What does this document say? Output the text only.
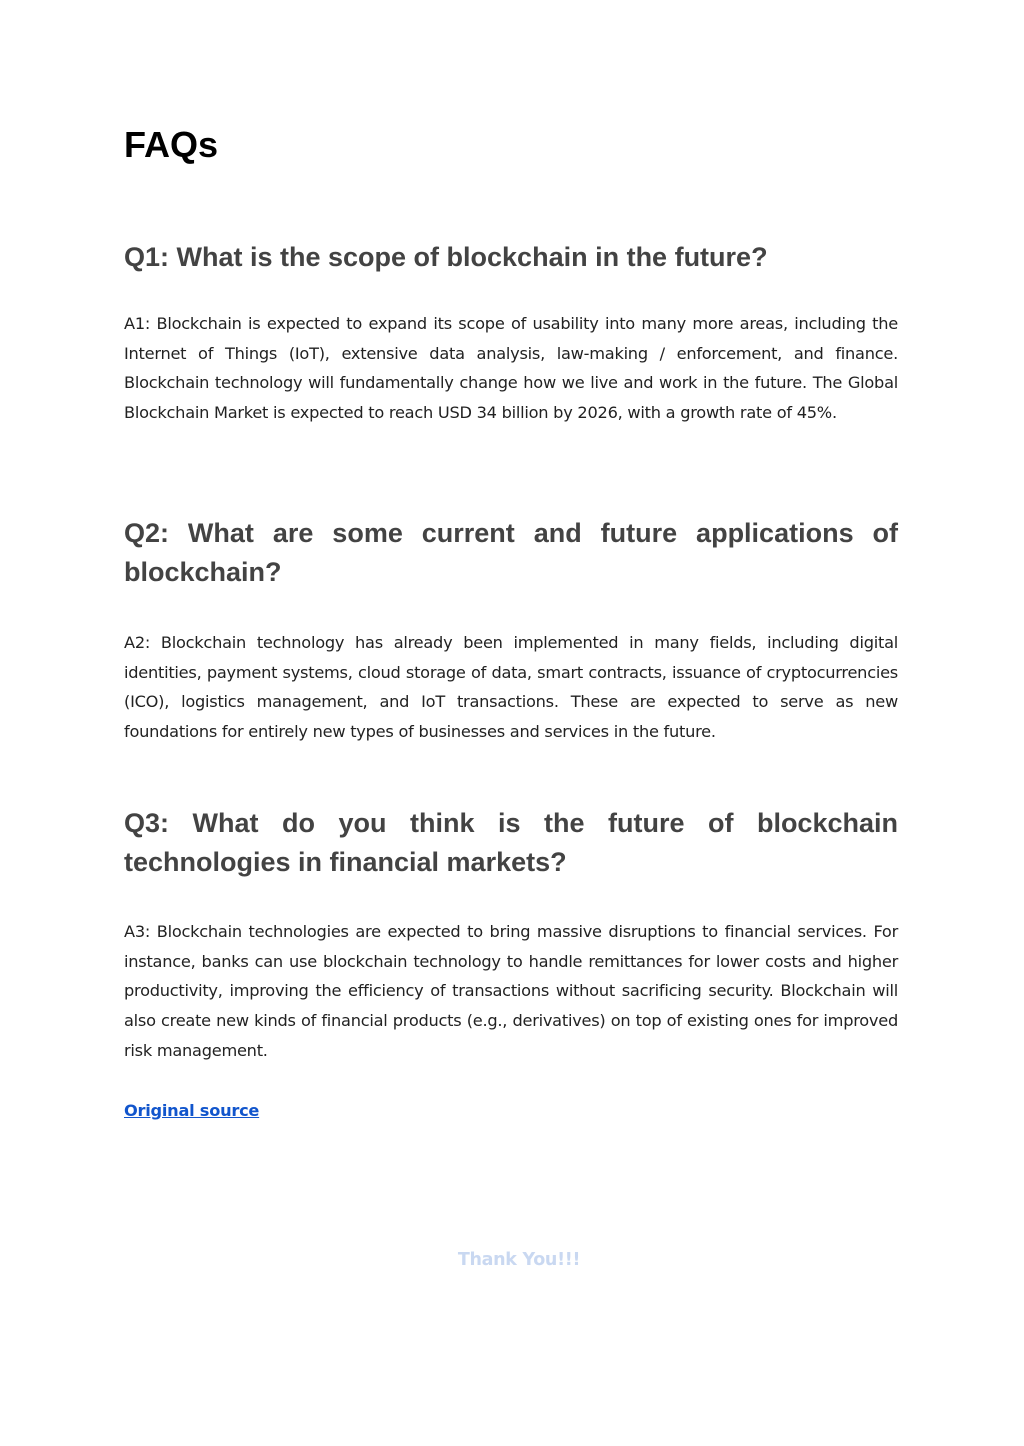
FAQs
Q1: What is the scope of blockchain in the future?

A1: Blockchain is expected to expand its scope of usability into many more areas, including the Internet of Things (IoT), extensive data analysis, law-making / enforcement, and finance. Blockchain technology will fundamentally change how we live and work in the future. The Global Blockchain Market is expected to reach USD 34 billion by 2026, with a growth rate of 45%.

Q2: What are some current and future applications of blockchain?

A2: Blockchain technology has already been implemented in many fields, including digital identities, payment systems, cloud storage of data, smart contracts, issuance of cryptocurrencies (ICO), logistics management, and IoT transactions. These are expected to serve as new foundations for entirely new types of businesses and services in the future.

Q3: What do you think is the future of blockchain technologies in financial markets?

A3: Blockchain technologies are expected to bring massive disruptions to financial services. For instance, banks can use blockchain technology to handle remittances for lower costs and higher productivity, improving the efficiency of transactions without sacrificing security. Blockchain will also create new kinds of financial products (e.g., derivatives) on top of existing ones for improved risk management.

Original source

Thank You!!!
